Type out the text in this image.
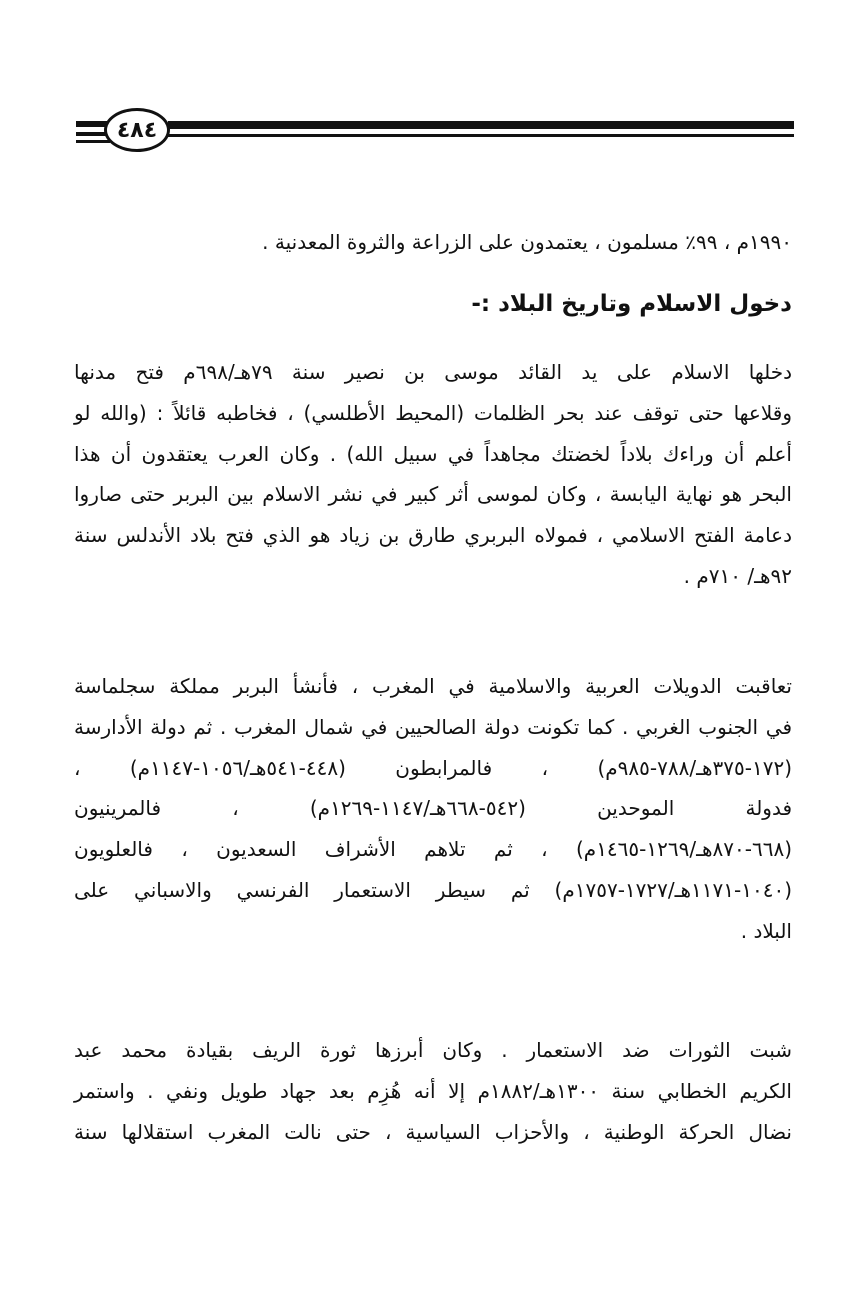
٤٨٤

١٩٩٠م ، ٩٩٪ مسلمون ، يعتمدون على الزراعة والثروة المعدنية .

دخول الاسلام وتاريخ البلاد :-

دخلها الاسلام على يد القائد موسى بن نصير سنة ٧٩هـ/٦٩٨م فتح مدنها
وقلاعها حتى توقف عند بحر الظلمات (المحيط الأطلسي) ، فخاطبه قائلاً : (والله لو
أعلم أن وراءك بلاداً لخضتك مجاهداً في سبيل الله) . وكان العرب يعتقدون أن هذا
البحر هو نهاية اليابسة ، وكان لموسى أثر كبير في نشر الاسلام بين البربر حتى صاروا
دعامة الفتح الاسلامي ، فمولاه البربري طارق بن زياد هو الذي فتح بلاد الأندلس سنة
٩٢هـ/ ٧١٠م .

تعاقبت الدويلات العربية والاسلامية في المغرب ، فأنشأ البربر مملكة سجلماسة
في الجنوب الغربي . كما تكونت دولة الصالحيين في شمال المغرب . ثم دولة الأدارسة
(١٧٢-٣٧٥هـ/٧٨٨-٩٨٥م) ، فالمرابطون (٤٤٨-٥٤١هـ/١٠٥٦-١١٤٧م) ،
فدولة الموحدين (٥٤٢-٦٦٨هـ/١١٤٧-١٢٦٩م) ، فالمرينيون
(٦٦٨-٨٧٠هـ/١٢٦٩-١٤٦٥م) ، ثم تلاهم الأشراف السعديون ، فالعلويون
(١٠٤٠-١١٧١هـ/١٧٢٧-١٧٥٧م) ثم سيطر الاستعمار الفرنسي والاسباني على
البلاد .

شبت الثورات ضد الاستعمار . وكان أبرزها ثورة الريف بقيادة محمد عبد
الكريم الخطابي سنة ١٣٠٠هـ/١٨٨٢م إلا أنه هُزِم بعد جهاد طويل ونفي . واستمر
نضال الحركة الوطنية ، والأحزاب السياسية ، حتى نالت المغرب استقلالها سنة
